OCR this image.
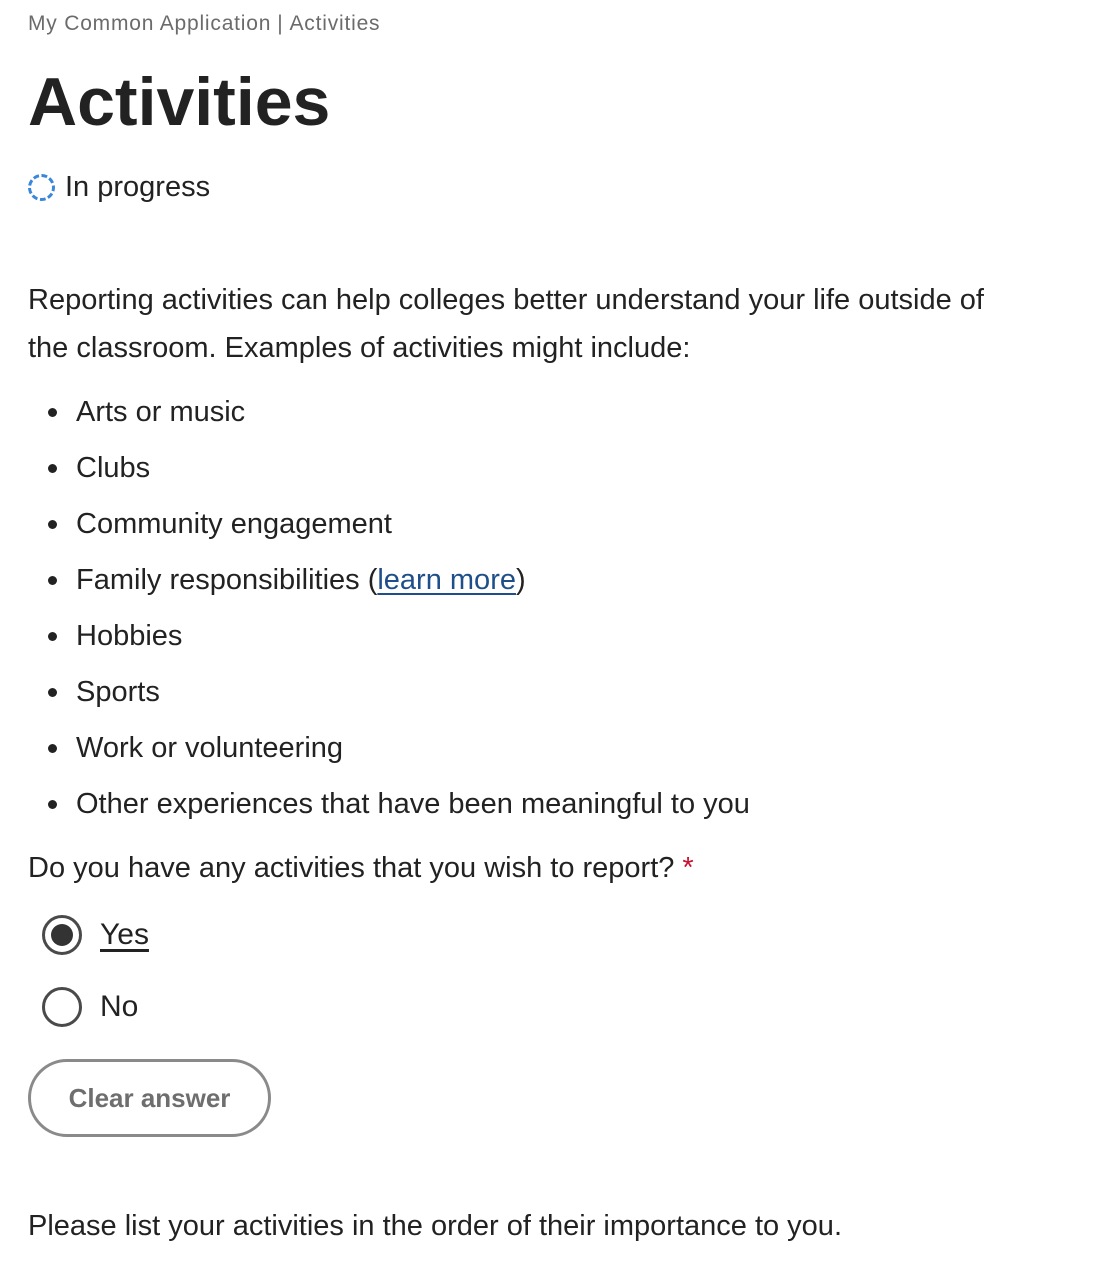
My Common Application | Activities
Activities
In progress

Reporting activities can help colleges better understand your life outside of the classroom. Examples of activities might include:

Arts or music
Clubs
Community engagement
Family responsibilities (learn more)
Hobbies
Sports
Work or volunteering
Other experiences that have been meaningful to you
Do you have any activities that you wish to report? *
Yes
No
Clear answer
Please list your activities in the order of their importance to you.
